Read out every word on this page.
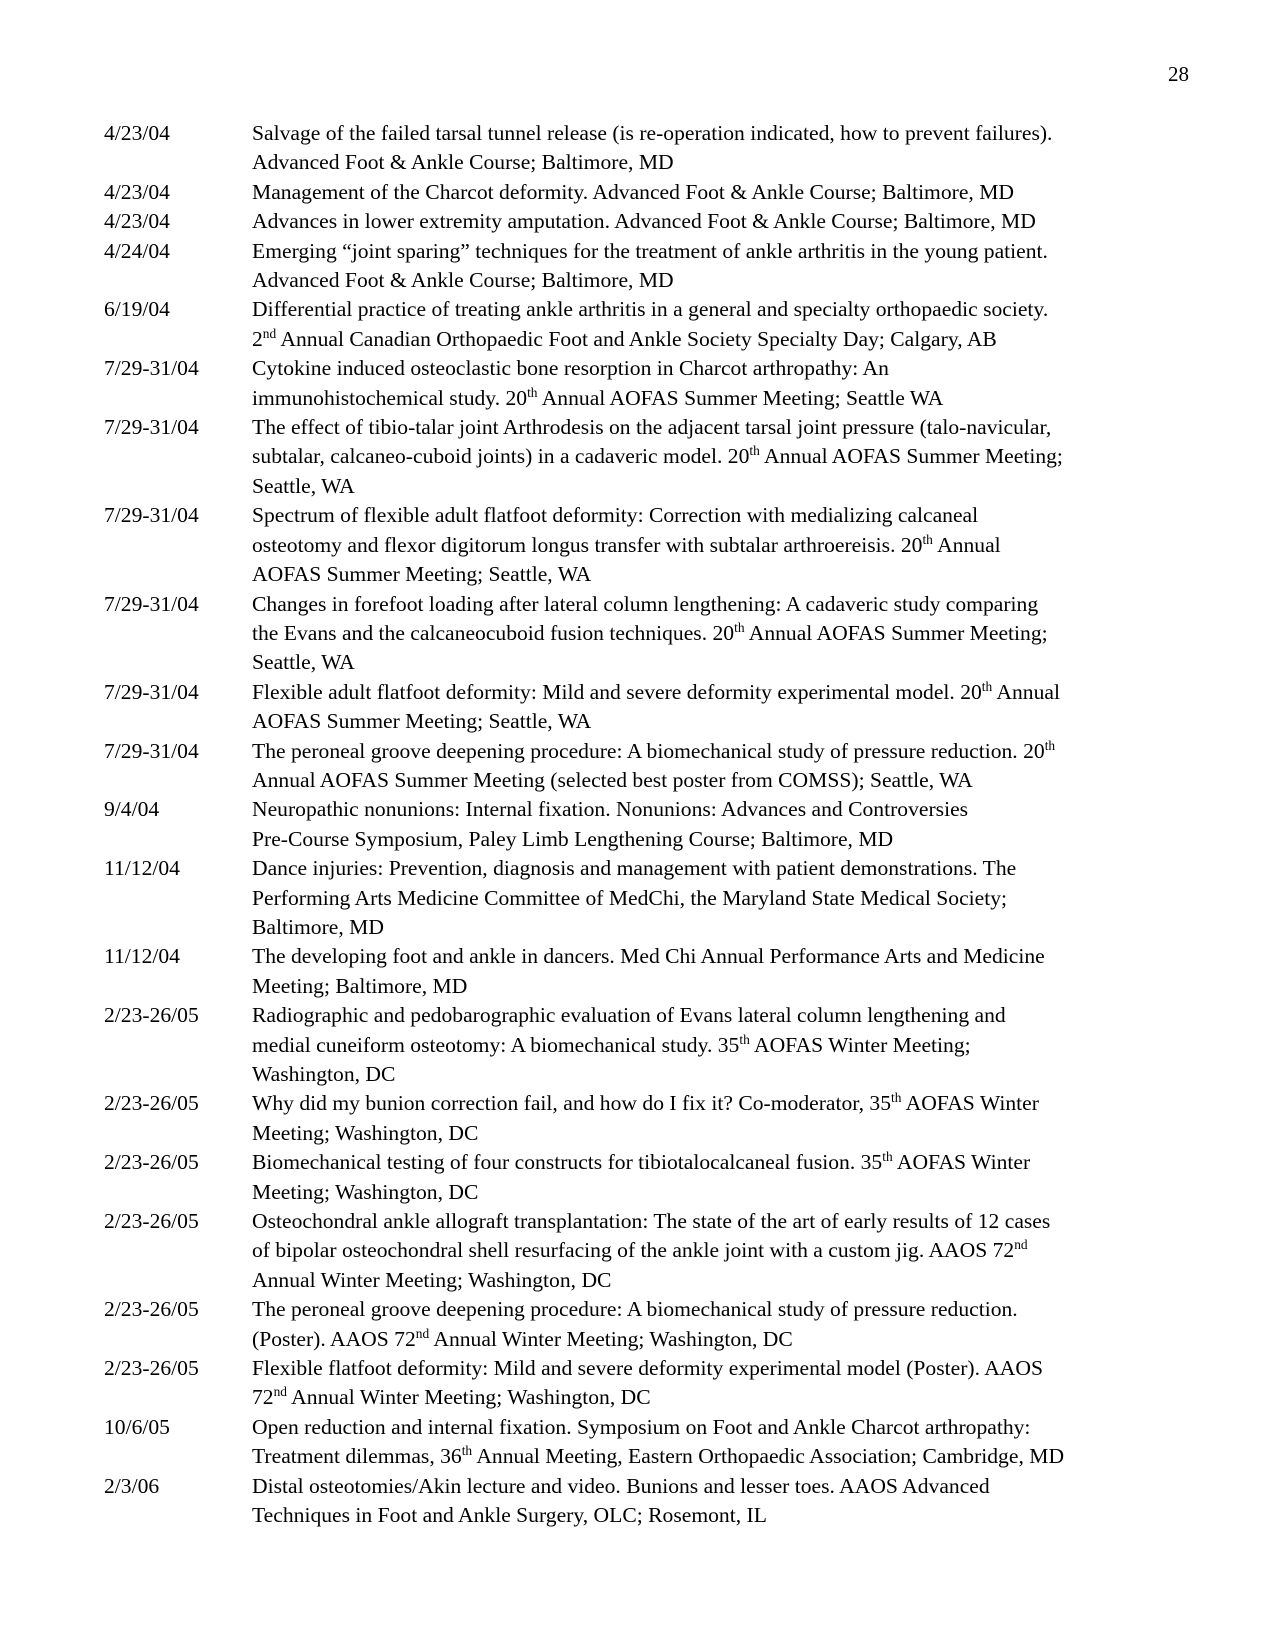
28
4/23/04	Salvage of the failed tarsal tunnel release (is re-operation indicated, how to prevent failures).
Advanced Foot & Ankle Course; Baltimore, MD
4/23/04	Management of the Charcot deformity. Advanced Foot & Ankle Course; Baltimore, MD
4/23/04	Advances in lower extremity amputation. Advanced Foot & Ankle Course; Baltimore, MD
4/24/04	Emerging “joint sparing” techniques for the treatment of ankle arthritis in the young patient.
Advanced Foot & Ankle Course; Baltimore, MD
6/19/04	Differential practice of treating ankle arthritis in a general and specialty orthopaedic society.
2nd Annual Canadian Orthopaedic Foot and Ankle Society Specialty Day; Calgary, AB
7/29-31/04	Cytokine induced osteoclastic bone resorption in Charcot arthropathy: An
immunohistochemical study. 20th Annual AOFAS Summer Meeting; Seattle WA
7/29-31/04	The effect of tibio-talar joint Arthrodesis on the adjacent tarsal joint pressure (talo-navicular,
subtalar, calcaneo-cuboid joints) in a cadaveric model. 20th Annual AOFAS Summer Meeting;
Seattle, WA
7/29-31/04	Spectrum of flexible adult flatfoot deformity: Correction with medializing calcaneal
osteotomy and flexor digitorum longus transfer with subtalar arthroereisis. 20th Annual
AOFAS Summer Meeting; Seattle, WA
7/29-31/04	Changes in forefoot loading after lateral column lengthening: A cadaveric study comparing
the Evans and the calcaneocuboid fusion techniques. 20th Annual AOFAS Summer Meeting;
Seattle, WA
7/29-31/04	Flexible adult flatfoot deformity: Mild and severe deformity experimental model. 20th Annual
AOFAS Summer Meeting; Seattle, WA
7/29-31/04	The peroneal groove deepening procedure: A biomechanical study of pressure reduction. 20th
Annual AOFAS Summer Meeting (selected best poster from COMSS); Seattle, WA
9/4/04	Neuropathic nonunions: Internal fixation. Nonunions: Advances and Controversies
Pre-Course Symposium, Paley Limb Lengthening Course; Baltimore, MD
11/12/04	Dance injuries: Prevention, diagnosis and management with patient demonstrations. The
Performing Arts Medicine Committee of MedChi, the Maryland State Medical Society;
Baltimore, MD
11/12/04	The developing foot and ankle in dancers. Med Chi Annual Performance Arts and Medicine
Meeting; Baltimore, MD
2/23-26/05	Radiographic and pedobarographic evaluation of Evans lateral column lengthening and
medial cuneiform osteotomy: A biomechanical study. 35th AOFAS Winter Meeting;
Washington, DC
2/23-26/05	Why did my bunion correction fail, and how do I fix it? Co-moderator, 35th AOFAS Winter
Meeting; Washington, DC
2/23-26/05	Biomechanical testing of four constructs for tibiotalocalcaneal fusion. 35th AOFAS Winter
Meeting; Washington, DC
2/23-26/05	Osteochondral ankle allograft transplantation: The state of the art of early results of 12 cases
of bipolar osteochondral shell resurfacing of the ankle joint with a custom jig. AAOS 72nd
Annual Winter Meeting; Washington, DC
2/23-26/05	The peroneal groove deepening procedure: A biomechanical study of pressure reduction.
(Poster). AAOS 72nd Annual Winter Meeting; Washington, DC
2/23-26/05	Flexible flatfoot deformity: Mild and severe deformity experimental model (Poster). AAOS
72nd Annual Winter Meeting; Washington, DC
10/6/05	Open reduction and internal fixation. Symposium on Foot and Ankle Charcot arthropathy:
Treatment dilemmas, 36th Annual Meeting, Eastern Orthopaedic Association; Cambridge, MD
2/3/06	Distal osteotomies/Akin lecture and video. Bunions and lesser toes. AAOS Advanced
Techniques in Foot and Ankle Surgery, OLC; Rosemont, IL
